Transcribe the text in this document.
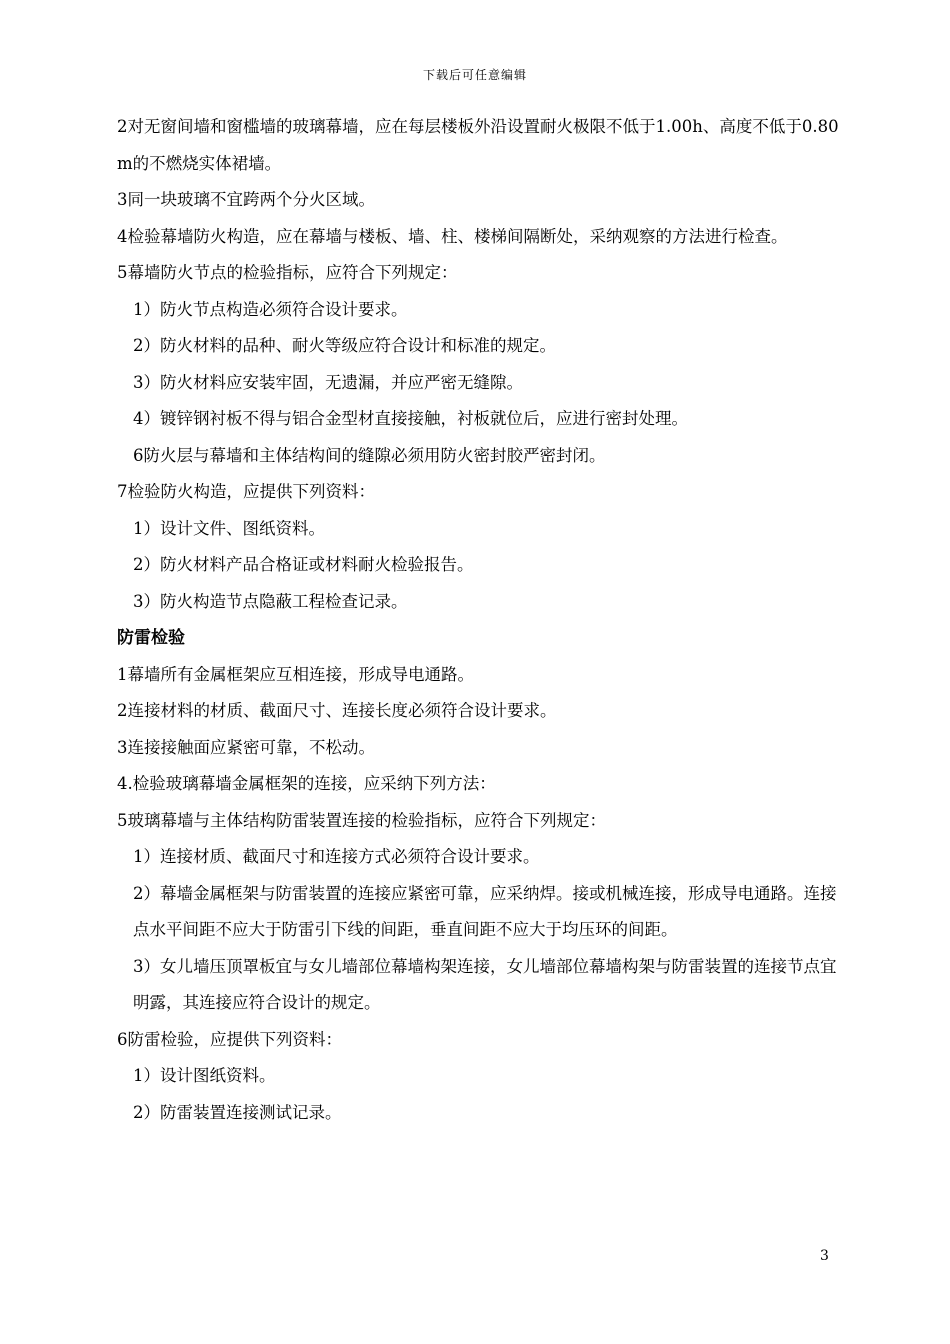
下载后可任意编辑

2对无窗间墙和窗槛墙的玻璃幕墙，应在每层楼板外沿设置耐火极限不低于1.00h、高度不低于0.80m的不燃烧实体裙墙。

3同一块玻璃不宜跨两个分火区域。

4检验幕墙防火构造，应在幕墙与楼板、墙、柱、楼梯间隔断处，采纳观察的方法进行检查。

5幕墙防火节点的检验指标，应符合下列规定：

1）防火节点构造必须符合设计要求。

2）防火材料的品种、耐火等级应符合设计和标准的规定。

3）防火材料应安装牢固，无遗漏，并应严密无缝隙。

4）镀锌钢衬板不得与铝合金型材直接接触，衬板就位后，应进行密封处理。

6防火层与幕墙和主体结构间的缝隙必须用防火密封胶严密封闭。

7检验防火构造，应提供下列资料：

1）设计文件、图纸资料。

2）防火材料产品合格证或材料耐火检验报告。

3）防火构造节点隐蔽工程检查记录。

防雷检验

1幕墙所有金属框架应互相连接，形成导电通路。

2连接材料的材质、截面尺寸、连接长度必须符合设计要求。

3连接接触面应紧密可靠，不松动。

4.检验玻璃幕墙金属框架的连接，应采纳下列方法：

5玻璃幕墙与主体结构防雷装置连接的检验指标，应符合下列规定：

1）连接材质、截面尺寸和连接方式必须符合设计要求。

2）幕墙金属框架与防雷装置的连接应紧密可靠，应采纳焊。接或机械连接，形成导电通路。连接点水平间距不应大于防雷引下线的间距，垂直间距不应大于均压环的间距。

3）女儿墙压顶罩板宜与女儿墙部位幕墙构架连接，女儿墙部位幕墙构架与防雷装置的连接节点宜明露，其连接应符合设计的规定。

6防雷检验，应提供下列资料：

1）设计图纸资料。

2）防雷装置连接测试记录。

3
